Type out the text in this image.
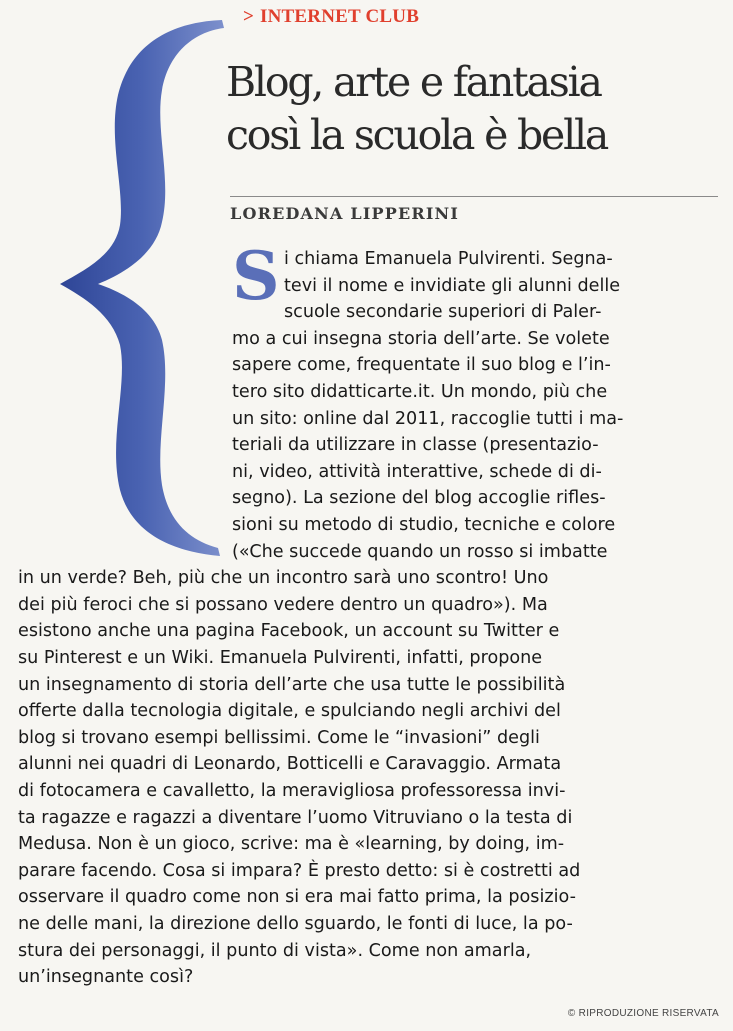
> INTERNET CLUB
Blog, arte e fantasia
così la scuola è bella
LOREDANA LIPPERINI
S i chiama Emanuela Pulvirenti. Segna-
tevi il nome e invidiate gli alunni delle
scuole secondarie superiori di Paler-
mo a cui insegna storia dell’arte. Se volete
sapere come, frequentate il suo blog e l’in-
tero sito didatticarte.it. Un mondo, più che
un sito: online dal 2011, raccoglie tutti i ma-
teriali da utilizzare in classe (presentazio-
ni, video, attività interattive, schede di di-
segno). La sezione del blog accoglie rifles-
sioni su metodo di studio, tecniche e colore
(«Che succede quando un rosso si imbatte
in un verde? Beh, più che un incontro sarà uno scontro! Uno
dei più feroci che si possano vedere dentro un quadro»). Ma
esistono anche una pagina Facebook, un account su Twitter e
su Pinterest e un Wiki. Emanuela Pulvirenti, infatti, propone
un insegnamento di storia dell’arte che usa tutte le possibilità
offerte dalla tecnologia digitale, e spulciando negli archivi del
blog si trovano esempi bellissimi. Come le “invasioni” degli
alunni nei quadri di Leonardo, Botticelli e Caravaggio. Armata
di fotocamera e cavalletto, la meravigliosa professoressa invi-
ta ragazze e ragazzi a diventare l’uomo Vitruviano o la testa di
Medusa. Non è un gioco, scrive: ma è «learning, by doing, im-
parare facendo. Cosa si impara? È presto detto: si è costretti ad
osservare il quadro come non si era mai fatto prima, la posizio-
ne delle mani, la direzione dello sguardo, le fonti di luce, la po-
stura dei personaggi, il punto di vista». Come non amarla,
un’insegnante così?
© RIPRODUZIONE RISERVATA
